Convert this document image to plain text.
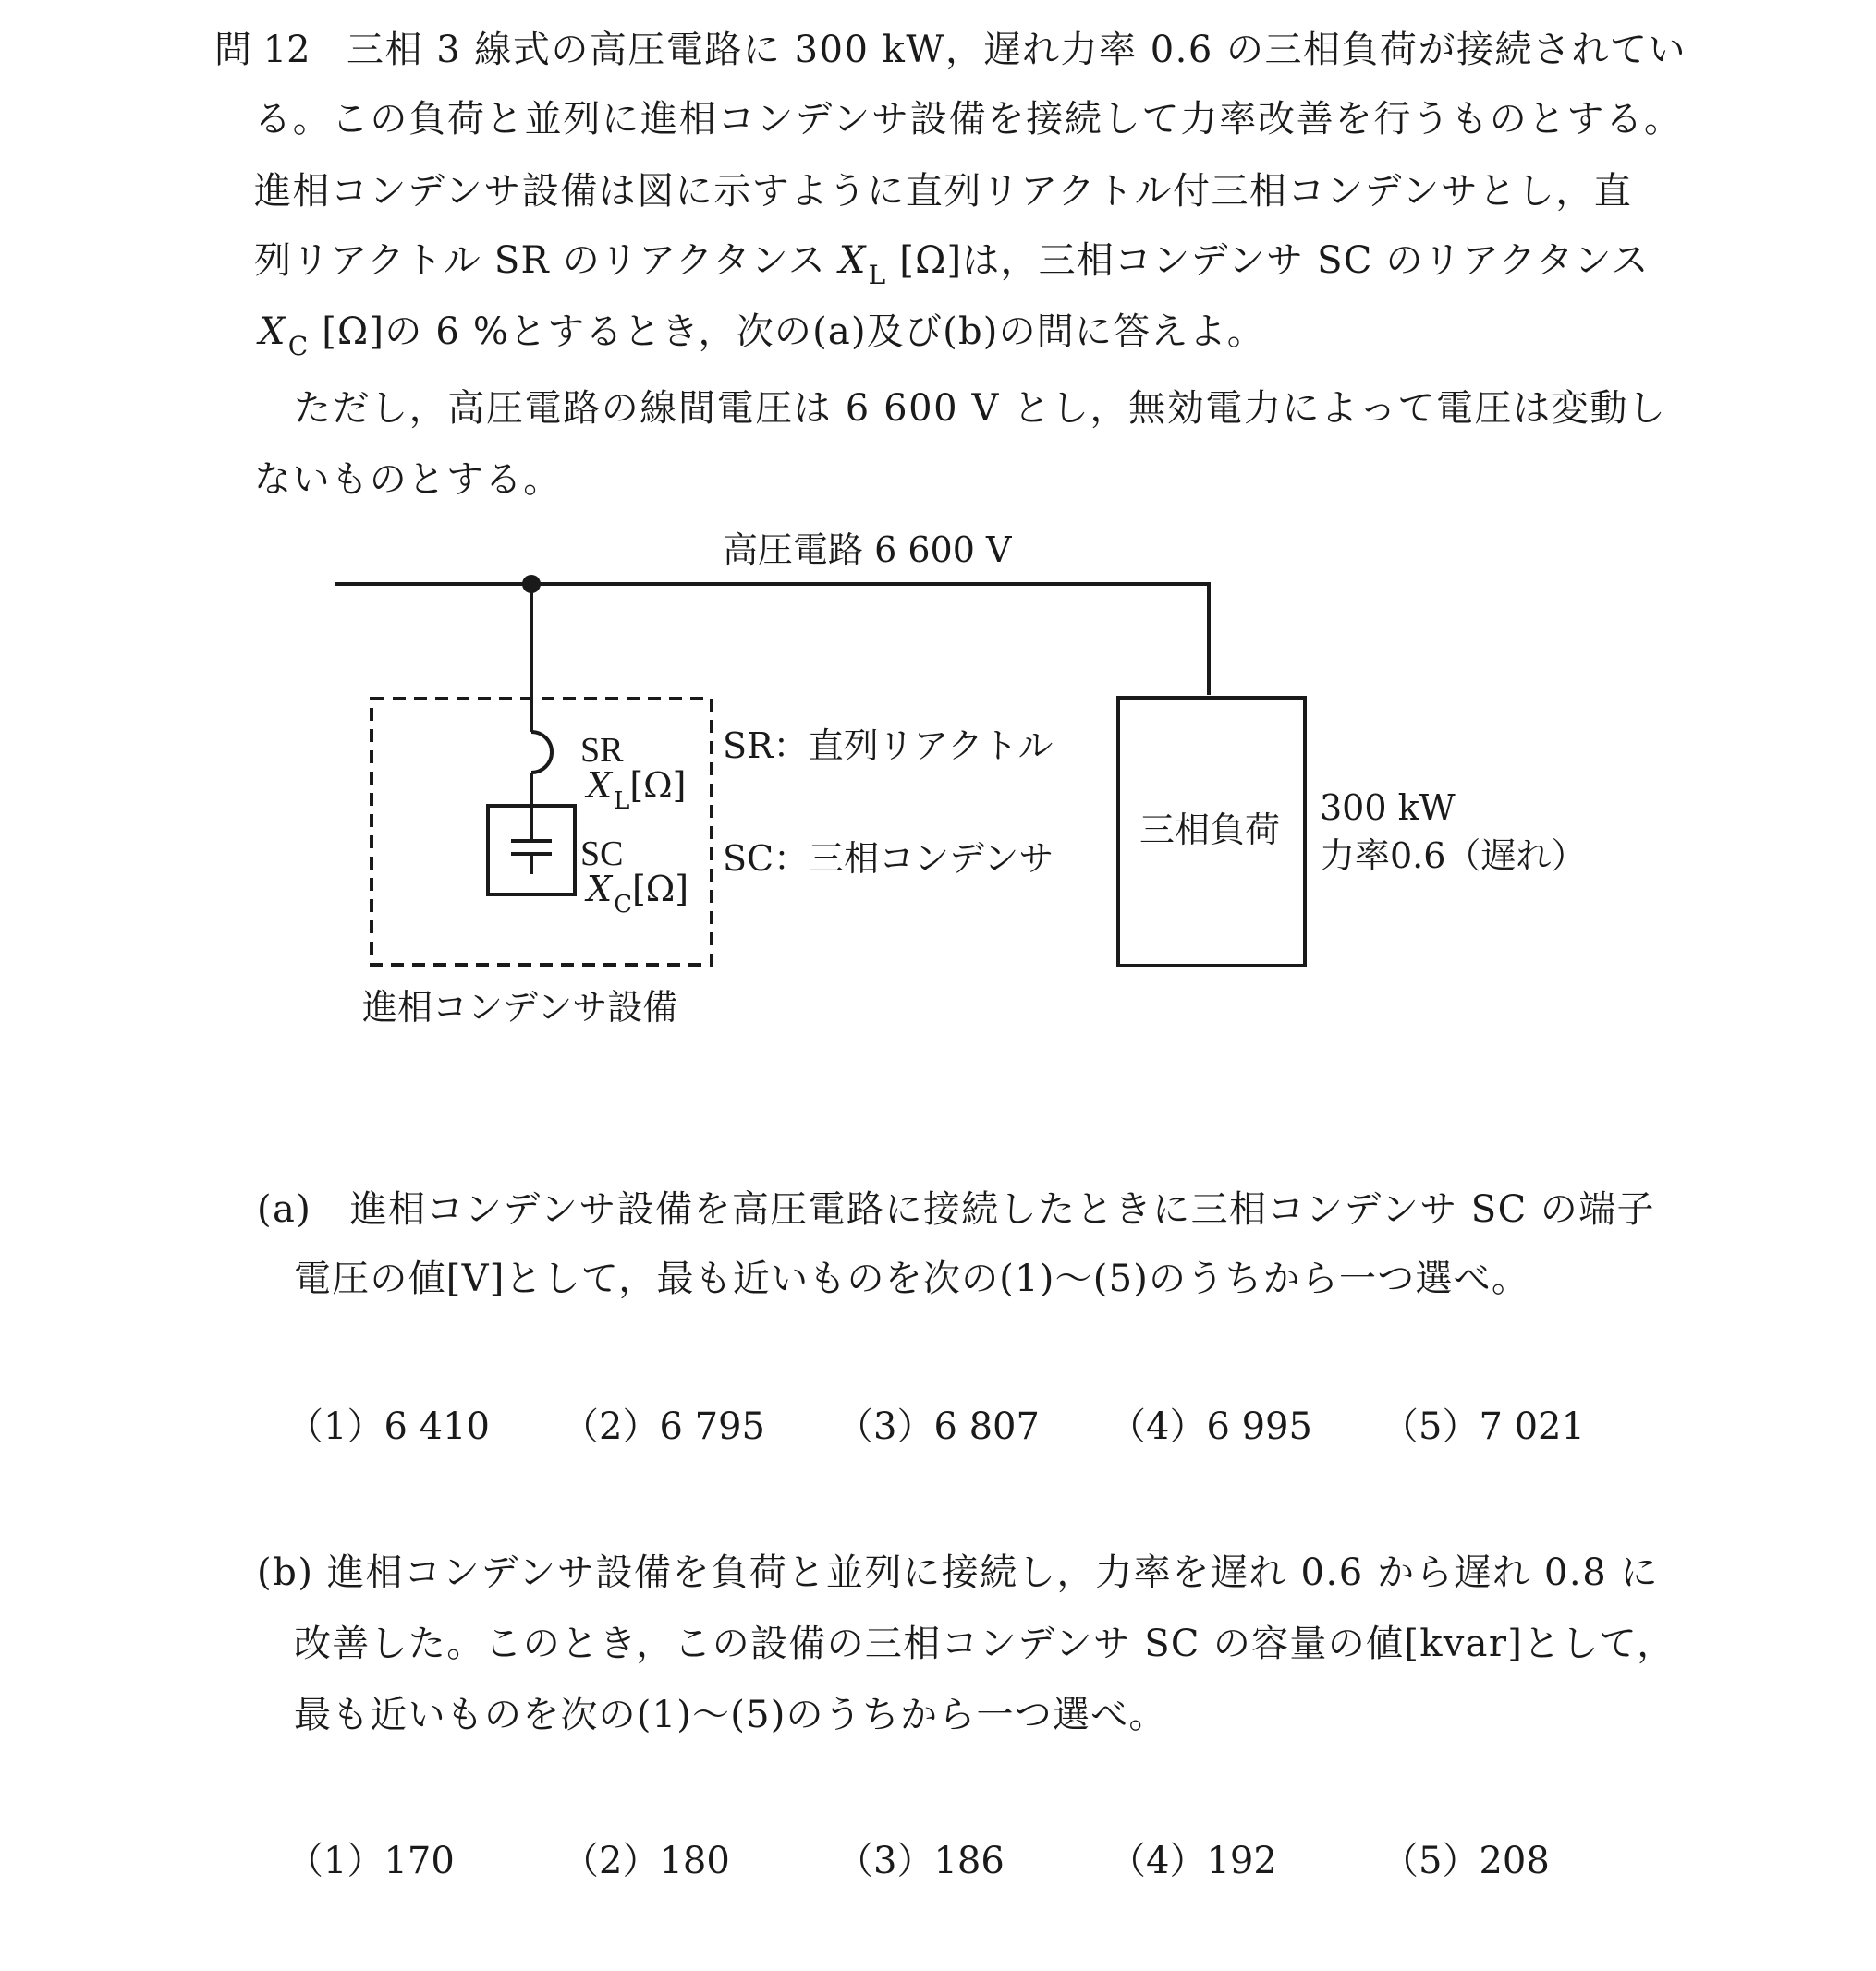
問 12 三相 3 線式の高圧電路に 300 kW，遅れ力率 0.6 の三相負荷が接続されてい
る。この負荷と並列に進相コンデンサ設備を接続して力率改善を行うものとする。
進相コンデンサ設備は図に示すように直列リアクトル付三相コンデンサとし，直
列リアクトル SR のリアクタンス $X_L$ [Ω]は，三相コンデンサ SC のリアクタンス
$X_C$ [Ω]の 6 %とするとき，次の(a)及び(b)の問に答えよ。
ただし，高圧電路の線間電圧は 6 600 V とし，無効電力によって電圧は変動し
ないものとする。
高圧電路 6 600 V
SR
$X_L[\Omega]$
SC
$X_C[\Omega]$
SR：直列リアクトル
SC：三相コンデンサ
進相コンデンサ設備
三相負荷
300 kW
力率0.6（遅れ）
(a)　進相コンデンサ設備を高圧電路に接続したときに三相コンデンサ SC の端子
電圧の値[V]として，最も近いものを次の(1)〜(5)のうちから一つ選べ。
（1）6 410 （2）6 795 （3）6 807 （4）6 995 （5）7 021
(b) 進相コンデンサ設備を負荷と並列に接続し，力率を遅れ 0.6 から遅れ 0.8 に
改善した。このとき，この設備の三相コンデンサ SC の容量の値[kvar]として，
最も近いものを次の(1)〜(5)のうちから一つ選べ。
（1）170	（2）180	（3）186	（4）192	（5）208
